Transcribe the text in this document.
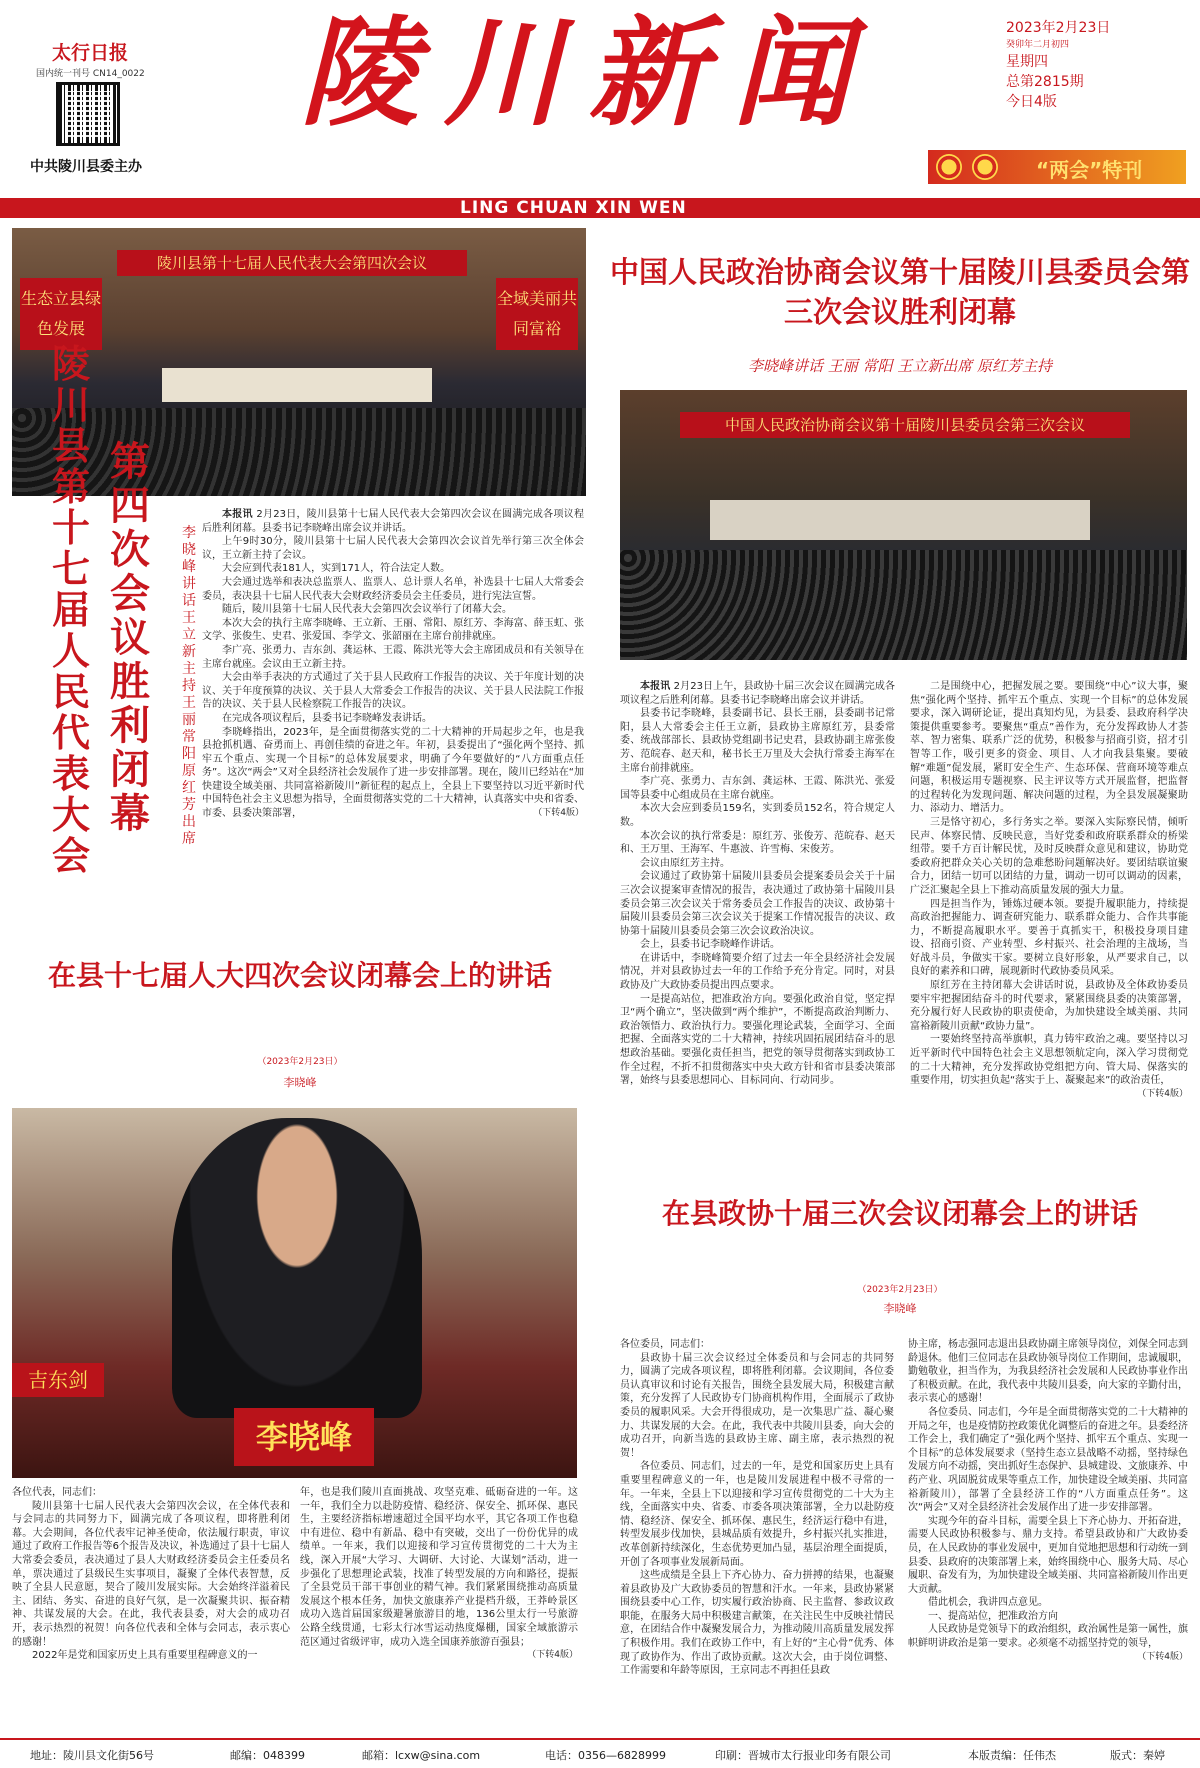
太行日报
国内统一刊号 CN14_0022
中共陵川县委主办
陵川新闻	2023年2月23日
癸卯年二月初四
星期四
总第2815期
今日4版
“两会”特刊
LING CHUAN XIN WEN
陵川县第十七届人民代表大会第四次会议
生态立县绿色发展
全域美丽共同富裕
陵川县第十七届人民代表大会
第四次会议胜利闭幕
李晓峰讲话 王立新主持 王丽 常阳 原红芳出席

本报讯 2月23日，陵川县第十七届人民代表大会第四次会议在圆满完成各项议程后胜利闭幕。县委书记李晓峰出席会议并讲话。

上午9时30分，陵川县第十七届人民代表大会第四次会议首先举行第三次全体会议，王立新主持了会议。

大会应到代表181人，实到171人，符合法定人数。

大会通过选举和表决总监票人、监票人、总计票人名单，补选县十七届人大常委会委员，表决县十七届人民代表大会财政经济委员会主任委员，进行宪法宣誓。

随后，陵川县第十七届人民代表大会第四次会议举行了闭幕大会。

本次大会的执行主席李晓峰、王立新、王丽、常阳、原红芳、李海富、薛玉虹、张文学、张俊生、史君、张爱国、李学文、张韶丽在主席台前排就座。

李广亮、张勇力、吉东剑、龚运林、王霞、陈洪光等大会主席团成员和有关领导在主席台就座。会议由王立新主持。

大会由举手表决的方式通过了关于县人民政府工作报告的决议、关于年度计划的决议、关于年度预算的决议、关于县人大常委会工作报告的决议、关于县人民法院工作报告的决议、关于县人民检察院工作报告的决议。

在完成各项议程后，县委书记李晓峰发表讲话。

李晓峰指出，2023年，是全面贯彻落实党的二十大精神的开局起步之年，也是我县抢抓机遇、奋勇而上、再创佳绩的奋进之年。年初，县委提出了“强化两个坚持、抓牢五个重点、实现一个目标”的总体发展要求，明确了今年要做好的“八方面重点任务”。这次“两会”又对全县经济社会发展作了进一步安排部署。现在，陵川已经站在“加快建设全域美丽、共同富裕新陵川”新征程的起点上，全县上下要坚持以习近平新时代中国特色社会主义思想为指导，全面贯彻落实党的二十大精神，认真落实中央和省委、市委、县委决策部署，	（下转4版）

中国人民政治协商会议第十届陵川县委员会第三次会议胜利闭幕
李晓峰讲话 王丽 常阳 王立新出席 原红芳主持
中国人民政治协商会议第十届陵川县委员会第三次会议

本报讯 2月23日上午，县政协十届三次会议在圆满完成各项议程之后胜利闭幕。县委书记李晓峰出席会议并讲话。

县委书记李晓峰，县委副书记、县长王丽，县委副书记常阳，县人大常委会主任王立新，县政协主席原红芳，县委常委、统战部部长、县政协党组副书记史君，县政协副主席张俊芳、范皖春、赵天和，秘书长王万里及大会执行常委主海军在主席台前排就座。

李广亮、张勇力、吉东剑、龚运林、王霞、陈洪光、张爱国等县委中心组成员在主席台就座。

本次大会应到委员159名，实到委员152名，符合规定人数。

本次会议的执行常委是：原红芳、张俊芳、范皖春、赵天和、王万里、王海军、牛惠波、许雪梅、宋俊芳。

会议由原红芳主持。

会议通过了政协第十届陵川县委员会提案委员会关于十届三次会议提案审查情况的报告，表决通过了政协第十届陵川县委员会第三次会议关于常务委员会工作报告的决议、政协第十届陵川县委员会第三次会议关于提案工作情况报告的决议、政协第十届陵川县委员会第三次会议政治决议。

会上，县委书记李晓峰作讲话。

在讲话中，李晓峰简要介绍了过去一年全县经济社会发展情况，并对县政协过去一年的工作给予充分肯定。同时，对县政协及广大政协委员提出四点要求。

一是提高站位，把准政治方向。要强化政治自觉，坚定捍卫“两个确立”，坚决做到“两个维护”，不断提高政治判断力、政治领悟力、政治执行力。要强化理论武装，全面学习、全面把握、全面落实党的二十大精神，持续巩固拓展团结奋斗的思想政治基础。要强化责任担当，把党的领导贯彻落实到政协工作全过程，不折不扣贯彻落实中央大政方针和省市县委决策部署，始终与县委思想同心、目标同向、行动同步。

二是围绕中心，把握发展之要。要围绕“中心”议大事，聚焦“强化两个坚持、抓牢五个重点、实现一个目标”的总体发展要求，深入调研论证，提出真知灼见，为县委、县政府科学决策提供重要参考。要聚焦“重点”善作为，充分发挥政协人才荟萃、智力密集、联系广泛的优势，积极参与招商引资，招才引智等工作，吸引更多的资金、项目、人才向我县集聚。要破解“难题”促发展，紧盯安全生产、生态环保、营商环境等难点问题，积极运用专题视察、民主评议等方式开展监督，把监督的过程转化为发现问题、解决问题的过程，为全县发展凝聚助力、添动力、增活力。

三是恪守初心，多行务实之举。要深入实际察民情，倾听民声、体察民情、反映民意，当好党委和政府联系群众的桥梁纽带。要千方百计解民忧，及时反映群众意见和建议，协助党委政府把群众关心关切的急难愁盼问题解决好。要团结联谊聚合力，团结一切可以团结的力量，调动一切可以调动的因素，广泛汇聚起全县上下推动高质量发展的强大力量。

四是担当作为，锤炼过硬本领。要提升履职能力，持续提高政治把握能力、调查研究能力、联系群众能力、合作共事能力，不断提高履职水平。要善于真抓实干，积极投身项目建设、招商引资、产业转型、乡村振兴、社会治理的主战场，当好战斗员，争做实干家。要树立良好形象，从严要求自己，以良好的素养和口碑，展现新时代政协委员风采。

原红芳在主持闭幕大会讲话时说，县政协及全体政协委员要牢牢把握团结奋斗的时代要求，紧紧围绕县委的决策部署，充分履行好人民政协的职责使命，为加快建设全域美丽、共同富裕新陵川贡献“政协力量”。

一要始终坚持高举旗帜，真力铸牢政治之魂。要坚持以习近平新时代中国特色社会主义思想领航定向，深入学习贯彻党的二十大精神，充分发挥政协党组把方向、管大局、保落实的重要作用，切实担负起“落实于上、凝聚起来”的政治责任，
（下转4版）

在县十七届人大四次会议闭幕会上的讲话
（2023年2月23日）
李晓峰
吉东剑
李晓峰

各位代表，同志们：

陵川县第十七届人民代表大会第四次会议，在全体代表和与会同志的共同努力下，圆满完成了各项议程，即将胜利闭幕。大会期间，各位代表牢记神圣使命，依法履行职责，审议通过了政府工作报告等6个报告及决议，补选通过了县十七届人大常委会委员，表决通过了县人大财政经济委员会主任委员名单，票决通过了县级民生实事项目，凝聚了全体代表智慧，反映了全县人民意愿，契合了陵川发展实际。大会始终洋溢着民主、团结、务实、奋进的良好气氛，是一次凝聚共识、振奋精神、共谋发展的大会。在此，我代表县委，对大会的成功召开，表示热烈的祝贺！向各位代表和全体与会同志，表示衷心的感谢！

2022年是党和国家历史上具有重要里程碑意义的一

年，也是我们陵川直面挑战、攻坚克难、砥砺奋进的一年。这一年，我们全力以赴防疫情、稳经济、保安全、抓环保、惠民生，主要经济指标增速超过全国平均水平，其它各项工作也稳中有进位、稳中有新晶、稳中有突破，交出了一份份优异的成绩单。一年来，我们以迎接和学习宣传贯彻党的二十大为主线，深入开展“大学习、大调研、大讨论、大谋划”活动，进一步强化了思想理论武装，找准了转型发展的方向和路径，提振了全县党员干部干事创业的精气神。我们紧紧围绕推动高质量发展这个根本任务，加快文旅康养产业提档升级，王莽岭景区成功入选首届国家级避暑旅游目的地，136公里太行一号旅游公路全线贯通，七彩太行冰雪运动热度爆棚，国家全域旅游示范区通过省级评审，成功入选全国康养旅游百强县；
（下转4版）

在县政协十届三次会议闭幕会上的讲话
（2023年2月23日）
李晓峰

各位委员，同志们：

县政协十届三次会议经过全体委员和与会同志的共同努力，圆满了完成各项议程，即将胜利闭幕。会议期间，各位委员认真审议和讨论有关报告，围绕全县发展大局，积极建言献策，充分发挥了人民政协专门协商机构作用，全面展示了政协委员的履职风采。大会开得很成功，是一次集思广益、凝心聚力、共谋发展的大会。在此，我代表中共陵川县委，向大会的成功召开，向新当选的县政协主席、副主席，表示热烈的祝贺！

各位委员、同志们，过去的一年，是党和国家历史上具有重要里程碑意义的一年，也是陵川发展进程中极不寻常的一年。一年来，全县上下以迎接和学习宣传贯彻党的二十大为主线，全面落实中央、省委、市委各项决策部署，全力以赴防疫情、稳经济、保安全、抓环保、惠民生，经济运行稳中有进，转型发展步伐加快，县城品质有效提升，乡村振兴扎实推进，改革创新持续深化，生态优势更加凸显，基层治理全面提质，开创了各项事业发展新局面。

这些成绩是全县上下齐心协力、奋力拼搏的结果，也凝聚着县政协及广大政协委员的智慧和汗水。一年来，县政协紧紧围绕县委中心工作，切实履行政治协商、民主监督、参政议政职能，在服务大局中积极建言献策，在关注民生中反映社情民意，在团结合作中凝聚发展合力，为推动陵川高质量发展发挥了积极作用。我们在政协工作中，有上好的“主心骨”优秀、体现了政协作为、作出了政协贡献。这次大会，由于岗位调整、工作需要和年龄等原因，王京同志不再担任县政

协主席，杨志强同志退出县政协副主席领导岗位，刘保全同志到龄退休。他们三位同志在县政协领导岗位工作期间，忠诚履职，勤勉敬业，担当作为，为我县经济社会发展和人民政协事业作出了积极贡献。在此，我代表中共陵川县委，向大家的辛勤付出，表示衷心的感谢！

各位委员、同志们，今年是全面贯彻落实党的二十大精神的开局之年，也是疫情防控政策优化调整后的奋进之年。县委经济工作会上，我们确定了“强化两个坚持、抓牢五个重点、实现一个目标”的总体发展要求（坚持生态立县战略不动摇，坚持绿色发展方向不动摇，突出抓好生态保护、县城建设、文旅康养、中药产业、巩固脱贫成果等重点工作，加快建设全域美丽、共同富裕新陵川），部署了全县经济工作的“八方面重点任务”。这次“两会”又对全县经济社会发展作出了进一步安排部署。

实现今年的奋斗目标，需要全县上下齐心协力、开拓奋进，需要人民政协积极参与、鼎力支持。希望县政协和广大政协委员，在人民政协的事业发展中，更加自觉地把思想和行动统一到县委、县政府的决策部署上来，始终围绕中心、服务大局、尽心履职、奋发有为，为加快建设全域美丽、共同富裕新陵川作出更大贡献。

借此机会，我讲四点意见。

一、提高站位，把准政治方向

人民政协是党领导下的政治组织，政治属性是第一属性，旗帜鲜明讲政治是第一要求。必须毫不动摇坚持党的领导，
（下转4版）

地址：陵川县文化街56号	邮编：048399	邮箱：lcxw@sina.com	电话：0356—6828999	印刷：晋城市太行报业印务有限公司	本版责编：任伟杰	版式：秦婷
